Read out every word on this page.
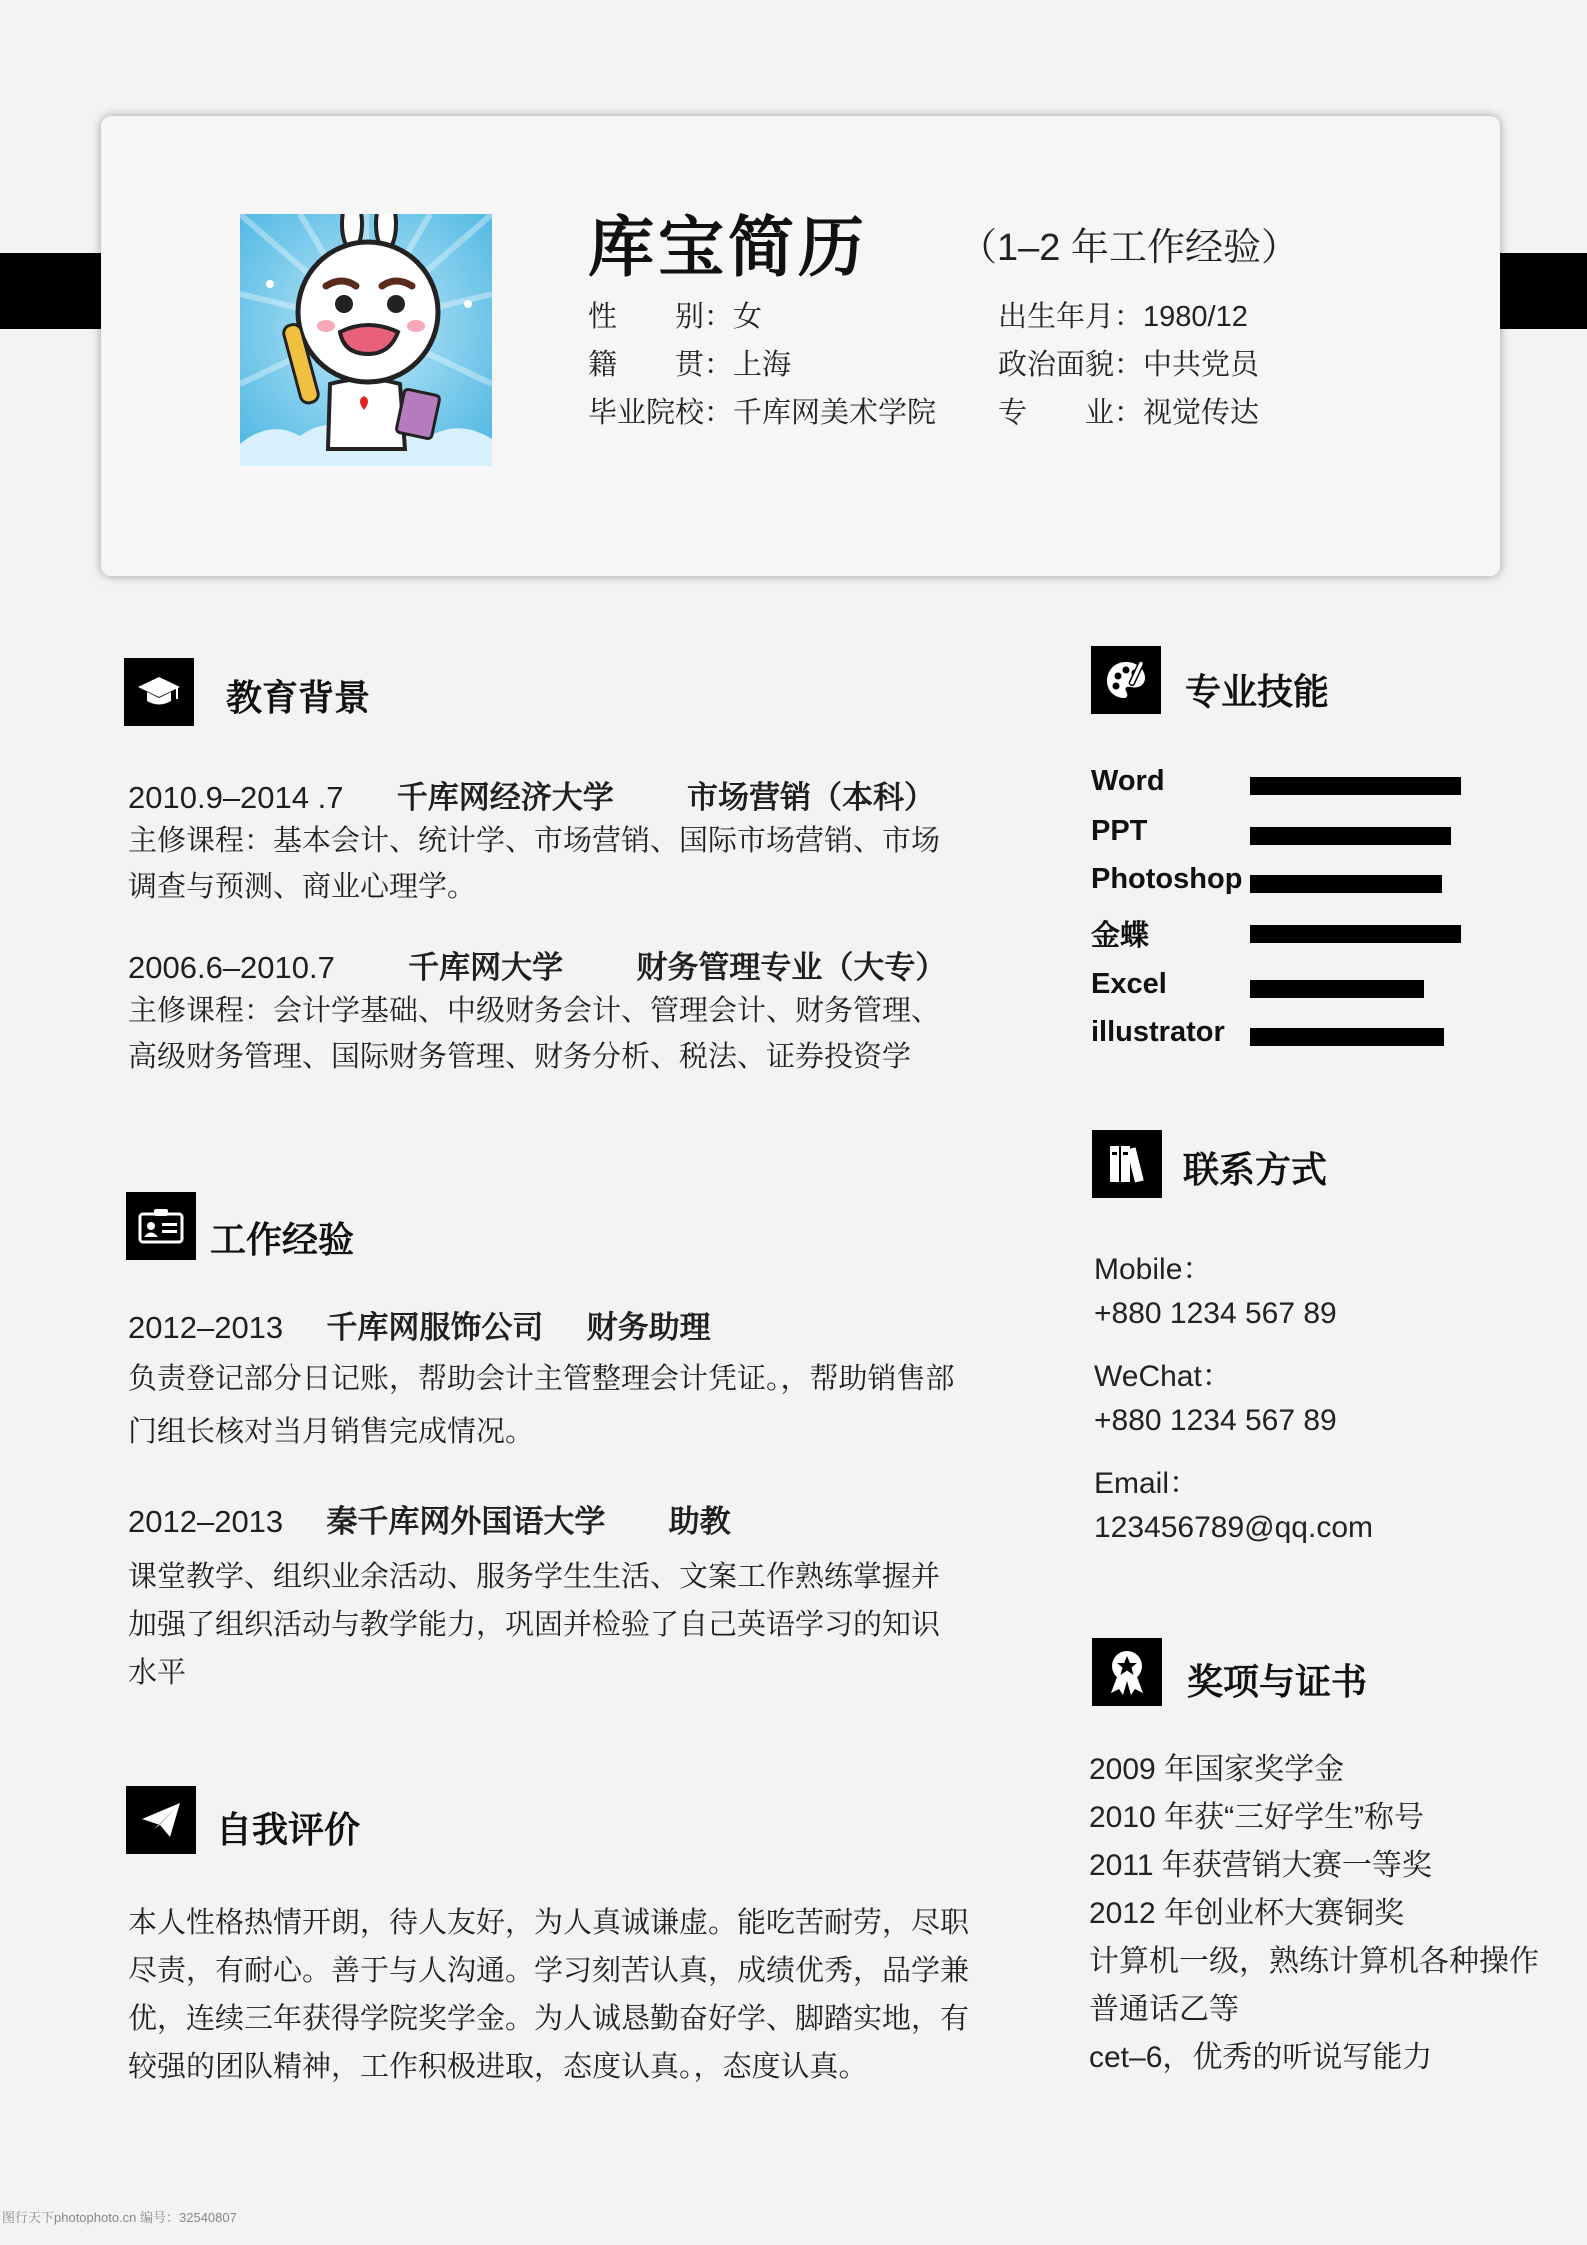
库宝简历 （1–2 年工作经验）
性　　别：女	出生年月：1980/12
籍　　贯：上海	政治面貌：中共党员
毕业院校：千库网美术学院 专　　业：视觉传达
教育背景
2010.9–2014 .7 千库网经济大学 市场营销（本科）
主修课程：基本会计、统计学、市场营销、国际市场营销、市场
调查与预测、商业心理学。
2006.6–2010.7 千库网大学 财务管理专业（大专）
主修课程：会计学基础、中级财务会计、管理会计、财务管理、
高级财务管理、国际财务管理、财务分析、税法、证券投资学
工作经验
2012–2013 千库网服饰公司 财务助理
负责登记部分日记账，帮助会计主管整理会计凭证。，帮助销售部
门组长核对当月销售完成情况。
2012–2013 秦千库网外国语大学 助教
课堂教学、组织业余活动、服务学生生活、文案工作熟练掌握并
加强了组织活动与教学能力，巩固并检验了自己英语学习的知识
水平
自我评价
本人性格热情开朗，待人友好，为人真诚谦虚。能吃苦耐劳，尽职
尽责，有耐心。善于与人沟通。学习刻苦认真，成绩优秀，品学兼
优，连续三年获得学院奖学金。为人诚恳勤奋好学、脚踏实地，有
较强的团队精神，工作积极进取，态度认真。，态度认真。
专业技能
Word
PPT
Photoshop
金蝶
Excel
illustrator
联系方式
Mobile：
+880 1234 567 89
WeChat：
+880 1234 567 89
Email：
123456789@qq.com
奖项与证书
2009 年国家奖学金
2010 年获“三好学生”称号
2011 年获营销大赛一等奖
2012 年创业杯大赛铜奖
计算机一级，熟练计算机各种操作
普通话乙等
cet–6，优秀的听说写能力
图行天下photophoto.cn 编号：32540807
